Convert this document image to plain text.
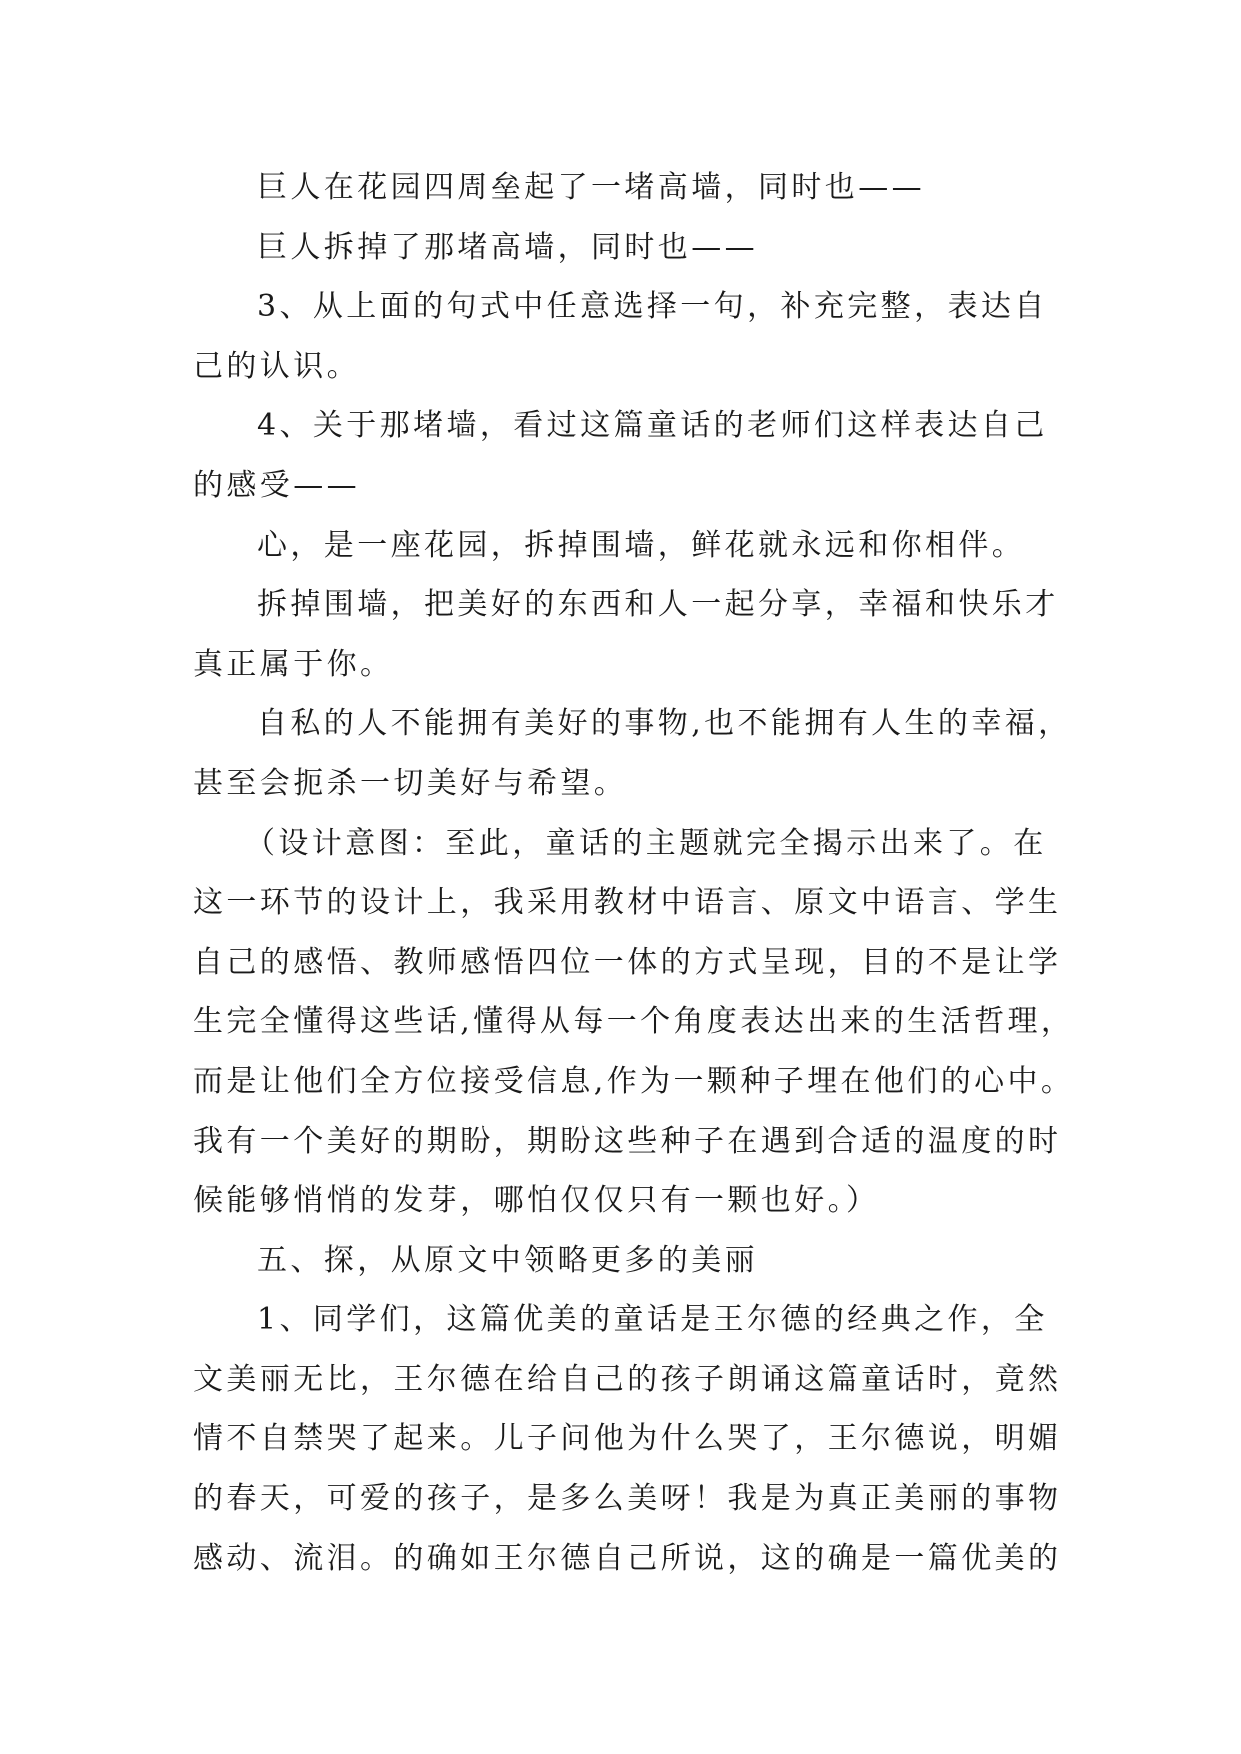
巨人在花园四周垒起了一堵高墙，同时也——
巨人拆掉了那堵高墙，同时也——
3、从上面的句式中任意选择一句，补充完整，表达自
己的认识。
4、关于那堵墙，看过这篇童话的老师们这样表达自己
的感受——
心，是一座花园，拆掉围墙，鲜花就永远和你相伴。
拆掉围墙，把美好的东西和人一起分享，幸福和快乐才
真正属于你。
自私的人不能拥有美好的事物,也不能拥有人生的幸福，
甚至会扼杀一切美好与希望。
（设计意图：至此，童话的主题就完全揭示出来了。在
这一环节的设计上，我采用教材中语言、原文中语言、学生
自己的感悟、教师感悟四位一体的方式呈现，目的不是让学
生完全懂得这些话,懂得从每一个角度表达出来的生活哲理，
而是让他们全方位接受信息,作为一颗种子埋在他们的心中。
我有一个美好的期盼，期盼这些种子在遇到合适的温度的时
候能够悄悄的发芽，哪怕仅仅只有一颗也好。）
五、探，从原文中领略更多的美丽
1、同学们，这篇优美的童话是王尔德的经典之作，全
文美丽无比，王尔德在给自己的孩子朗诵这篇童话时，竟然
情不自禁哭了起来。儿子问他为什么哭了，王尔德说，明媚
的春天，可爱的孩子，是多么美呀！我是为真正美丽的事物
感动、流泪。的确如王尔德自己所说，这的确是一篇优美的
